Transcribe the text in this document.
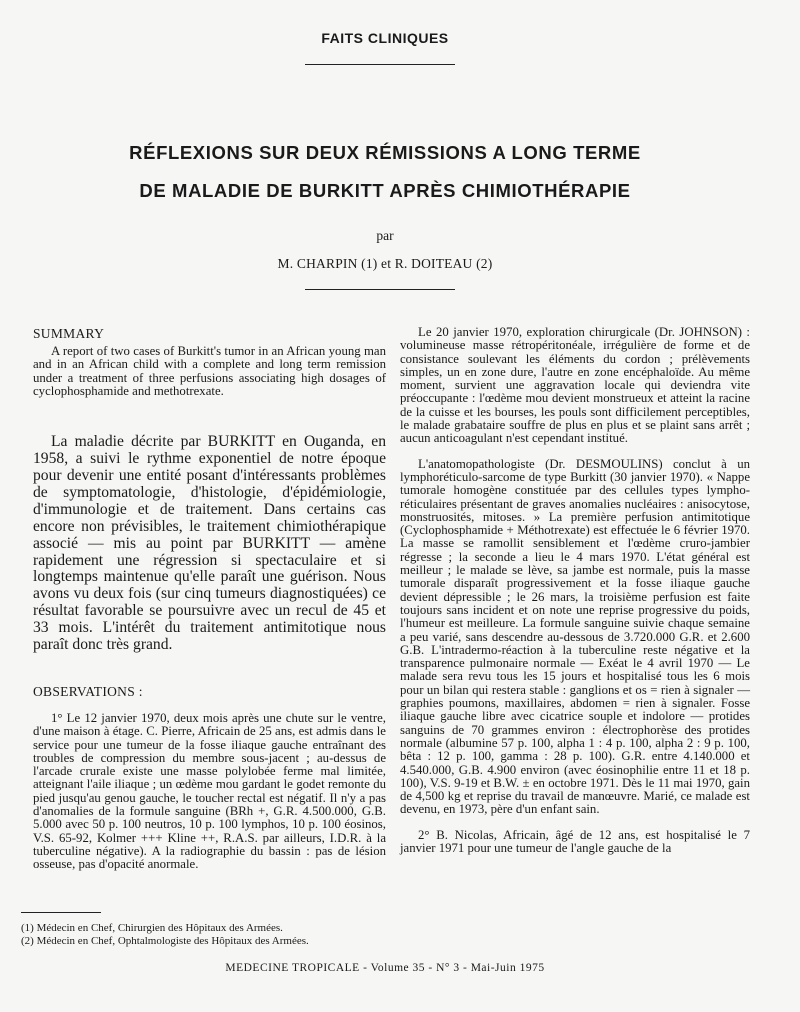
FAITS CLINIQUES
RÉFLEXIONS SUR DEUX RÉMISSIONS A LONG TERME
DE MALADIE DE BURKITT APRÈS CHIMIOTHÉRAPIE
par
M. CHARPIN (1) et R. DOITEAU (2)
SUMMARY

A report of two cases of Burkitt's tumor in an African young man and in an African child with a complete and long term remission under a treatment of three perfusions associating high dosages of cyclophosphamide and methotrexate.

La maladie décrite par BURKITT en Ouganda, en 1958, a suivi le rythme exponentiel de notre époque pour devenir une entité posant d'intéressants problèmes de symptomatologie, d'histologie, d'épidémiologie, d'immunologie et de traitement. Dans certains cas encore non prévisibles, le traitement chimiothérapique associé — mis au point par BURKITT — amène rapidement une régression si spectaculaire et si longtemps maintenue qu'elle paraît une guérison. Nous avons vu deux fois (sur cinq tumeurs diagnostiquées) ce résultat favorable se poursuivre avec un recul de 45 et 33 mois. L'intérêt du traitement antimitotique nous paraît donc très grand.

OBSERVATIONS :

1° Le 12 janvier 1970, deux mois après une chute sur le ventre, d'une maison à étage. C. Pierre, Africain de 25 ans, est admis dans le service pour une tumeur de la fosse iliaque gauche entraînant des troubles de compression du membre sous-jacent ; au-dessus de l'arcade crurale existe une masse polylobée ferme mal limitée, atteignant l'aile iliaque ; un œdème mou gardant le godet remonte du pied jusqu'au genou gauche, le toucher rectal est négatif. Il n'y a pas d'anomalies de la formule sanguine (BRh +, G.R. 4.500.000, G.B. 5.000 avec 50 p. 100 neutros, 10 p. 100 lymphos, 10 p. 100 éosinos, V.S. 65-92, Kolmer +++ Kline ++, R.A.S. par ailleurs, I.D.R. à la tuberculine négative). A la radiographie du bassin : pas de lésion osseuse, pas d'opacité anormale.

Le 20 janvier 1970, exploration chirurgicale (Dr. JOHNSON) : volumineuse masse rétropéritonéale, irrégulière de forme et de consistance soulevant les éléments du cordon ; prélèvements simples, un en zone dure, l'autre en zone encéphaloïde. Au même moment, survient une aggravation locale qui deviendra vite préoccupante : l'œdème mou devient monstrueux et atteint la racine de la cuisse et les bourses, les pouls sont difficilement perceptibles, le malade grabataire souffre de plus en plus et se plaint sans arrêt ; aucun anticoagulant n'est cependant institué.

L'anatomopathologiste (Dr. DESMOULINS) conclut à un lymphoréticulo-sarcome de type Burkitt (30 janvier 1970). « Nappe tumorale homogène constituée par des cellules types lympho-réticulaires présentant de graves anomalies nucléaires : anisocytose, monstruosités, mitoses. » La première perfusion antimitotique (Cyclophosphamide + Méthotrexate) est effectuée le 6 février 1970. La masse se ramollit sensiblement et l'œdème cruro-jambier régresse ; la seconde a lieu le 4 mars 1970. L'état général est meilleur ; le malade se lève, sa jambe est normale, puis la masse tumorale disparaît progressivement et la fosse iliaque gauche devient dépressible ; le 26 mars, la troisième perfusion est faite toujours sans incident et on note une reprise progressive du poids, l'humeur est meilleure. La formule sanguine suivie chaque semaine a peu varié, sans descendre au-dessous de 3.720.000 G.R. et 2.600 G.B. L'intradermo-réaction à la tuberculine reste négative et la transparence pulmonaire normale — Exéat le 4 avril 1970 — Le malade sera revu tous les 15 jours et hospitalisé tous les 6 mois pour un bilan qui restera stable : ganglions et os = rien à signaler — graphies poumons, maxillaires, abdomen = rien à signaler. Fosse iliaque gauche libre avec cicatrice souple et indolore — protides sanguins de 70 grammes environ : électrophorèse des protides normale (albumine 57 p. 100, alpha 1 : 4 p. 100, alpha 2 : 9 p. 100, bêta : 12 p. 100, gamma : 28 p. 100). G.R. entre 4.140.000 et 4.540.000, G.B. 4.900 environ (avec éosinophilie entre 11 et 18 p. 100), V.S. 9-19 et B.W. ± en octobre 1971. Dès le 11 mai 1970, gain de 4,500 kg et reprise du travail de manœuvre. Marié, ce malade est devenu, en 1973, père d'un enfant sain.

2° B. Nicolas, Africain, âgé de 12 ans, est hospitalisé le 7 janvier 1971 pour une tumeur de l'angle gauche de la

(1) Médecin en Chef, Chirurgien des Hôpitaux des Armées.
(2) Médecin en Chef, Ophtalmologiste des Hôpitaux des Armées.
MEDECINE TROPICALE - Volume 35 - N° 3 - Mai-Juin 1975
